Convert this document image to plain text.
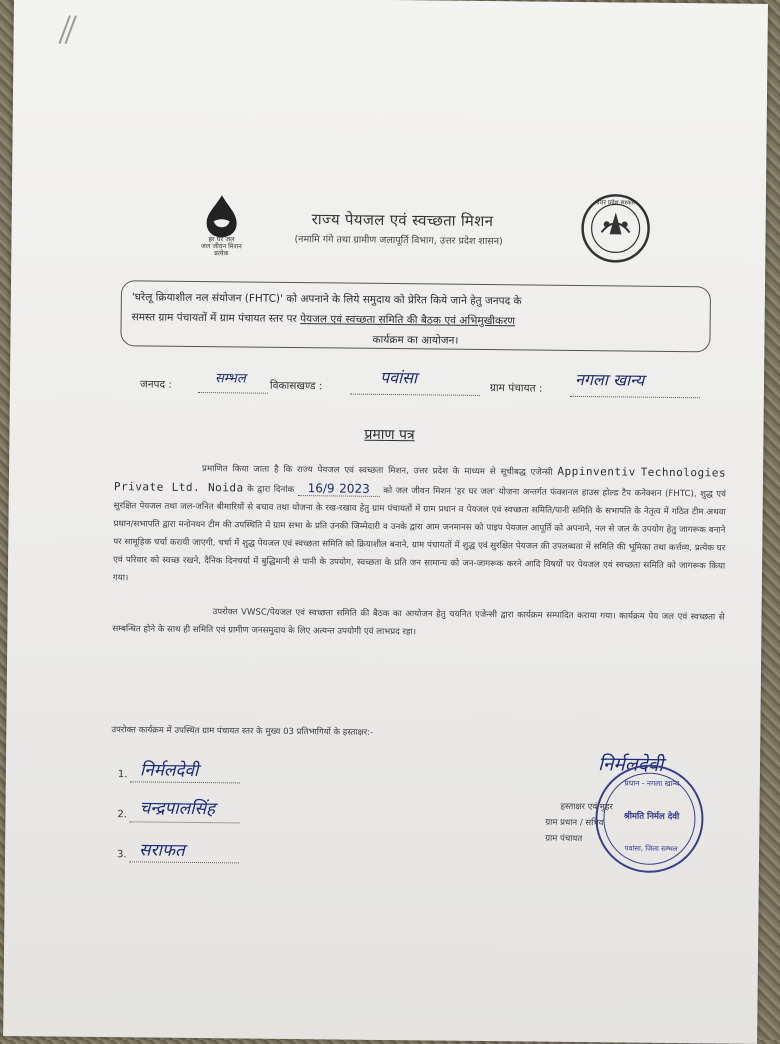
हर घर जल
जल जीवन मिशन
प्रत्येक
राज्य पेयजल एवं स्वच्छता मिशन
(नमामि गंगे तथा ग्रामीण जलापूर्ति विभाग, उत्तर प्रदेश शासन)
उत्तर प्रदेश सरकार
'घरेलू क्रियाशील नल संयोजन (FHTC)' को अपनाने के लिये समुदाय को प्रेरित किये जाने हेतु जनपद के
समस्त ग्राम पंचायतों में ग्राम पंचायत स्तर पर पेयजल एवं स्वच्छता समिति की बैठक एवं अभिमुखीकरण
कार्यक्रम का आयोजन।
जनपद :	सम्भल विकासखण्ड :	पवांसा
ग्राम पंचायत : नगला खान्य
प्रमाण पत्र
प्रमाणित किया जाता है कि राज्य पेयजल एवं स्वच्छता मिशन, उत्तर प्रदेश के माध्यम से सूचीबद्ध एजेन्सी Appinventiv Technologies Private Ltd. Noida के द्वारा दिनांक 16/9 2023 को जल जीवन मिशन 'हर घर जल' योजना अन्तर्गत फंक्शनल हाउस होल्ड टैप कनेक्शन (FHTC), शुद्ध एवं सुरक्षित पेयजल तथा जल-जनित बीमारियों से बचाव तथा योजना के रख-रखाव हेतु ग्राम पंचायतों में ग्राम प्रधान व पेयजल एवं स्वच्छता समिति/पानी समिति के सभापति के नेतृत्व में गठित टीम अथवा प्रधान/सभापति द्वारा मनोनयन टीम की उपस्थिति में ग्राम सभा के प्रति उनकी जिम्मेदारी व उनके द्वारा आम जनमानस को पाइप पेयजल आपूर्ति को अपनाने, नल से जल के उपयोग हेतु जागरूक बनाने पर सामूहिक चर्चा करायी जाएगी, चर्चा में शुद्ध पेयजल एवं स्वच्छता समिति को क्रियाशील बनाने, ग्राम पंचायतों में शुद्ध एवं सुरक्षित पेयजल की उपलब्धता में समिति की भूमिका तथा कर्त्तव्य, प्रत्येक घर एवं परिवार को स्वच्छ रखने, दैनिक दिनचर्या में बुद्धिमानी से पानी के उपयोग, स्वच्छता के प्रति जन सामान्य को जन-जागरूक करने आदि विषयों पर पेयजल एवं स्वच्छता समिति को जागरूक किया गया।
उपरोक्त VWSC/पेयजल एवं स्वच्छता समिति की बैठक का आयोजन हेतु चयनित एजेन्सी द्वारा कार्यक्रम सम्पादित कराया गया। कार्यक्रम पेय जल एवं स्वच्छता से सम्बन्धित होने के साथ ही समिति एवं ग्रामीण जनसमुदाय के लिए अत्यन्त उपयोगी एवं लाभप्रद रहा।
उपरोक्त कार्यक्रम में उपस्थित ग्राम पंचायत स्तर के मुख्य 03 प्रतिभागियों के हस्ताक्षर:-
1. निर्मलदेवी
2. चन्द्रपालसिंह
3. सराफत
निर्मलदेवी
हस्ताक्षर एवं मुहर
ग्राम प्रधान / सचिव
ग्राम पंचायत
प्रधान - नगला खान्य
श्रीमति निर्मल देवी
पवांसा, जिला सम्भल
